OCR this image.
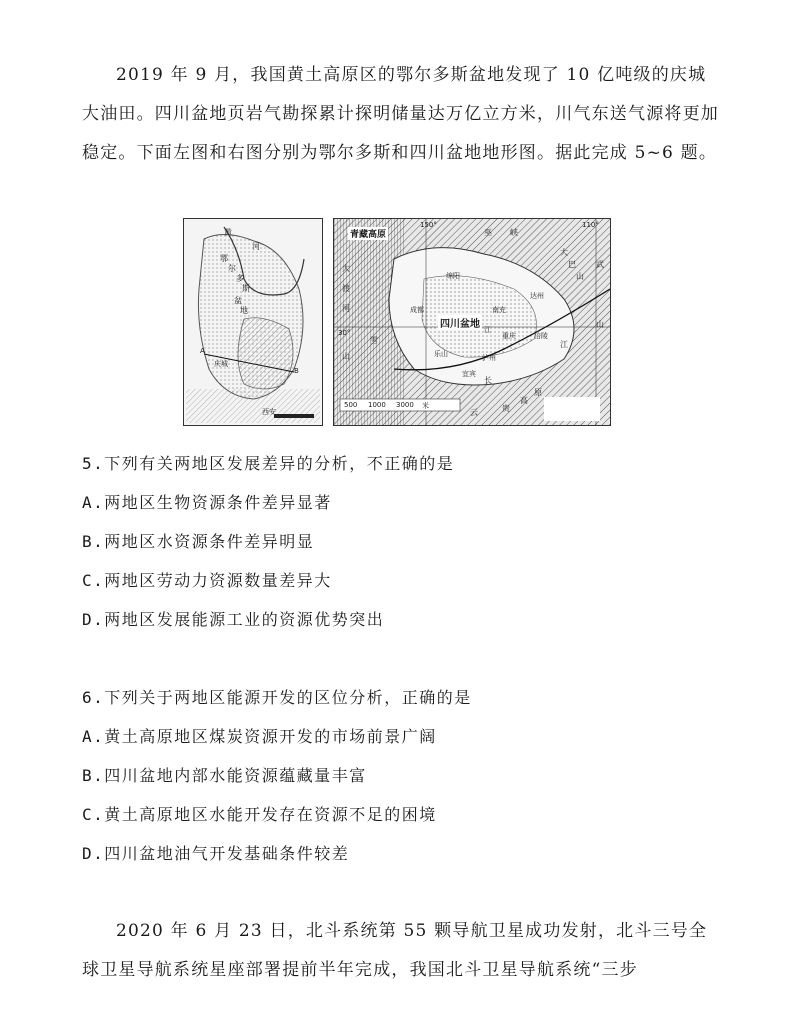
2019 年 9 月，我国黄土高原区的鄂尔多斯盆地发现了 10 亿吨级的庆城大油田。四川盆地页岩气勘探累计探明储量达万亿立方米，川气东送气源将更加稳定。下面左图和右图分别为鄂尔多斯和四川盆地地形图。据此完成 5~6 题。

黄
河
鄂
尔
多
斯
盆
地
A
B
庆城
西安
青藏高原
150°
巫 峡
110°
大
巴
山
大
渡
河
绵阳
成都	南充
达州
四川盆地
30°
雪
山	乐山	泸州
重庆	涪陵
江
宜宾
长
江
云	贵
高
原
武
山
500 1000 3000 米

5.下列有关两地区发展差异的分析，不正确的是

A.两地区生物资源条件差异显著

B.两地区水资源条件差异明显

C.两地区劳动力资源数量差异大

D.两地区发展能源工业的资源优势突出

6.下列关于两地区能源开发的区位分析，正确的是

A.黄土高原地区煤炭资源开发的市场前景广阔

B.四川盆地内部水能资源蕴藏量丰富

C.黄土高原地区水能开发存在资源不足的困境

D.四川盆地油气开发基础条件较差

2020 年 6 月 23 日，北斗系统第 55 颗导航卫星成功发射，北斗三号全球卫星导航系统星座部署提前半年完成，我国北斗卫星导航系统“三步
